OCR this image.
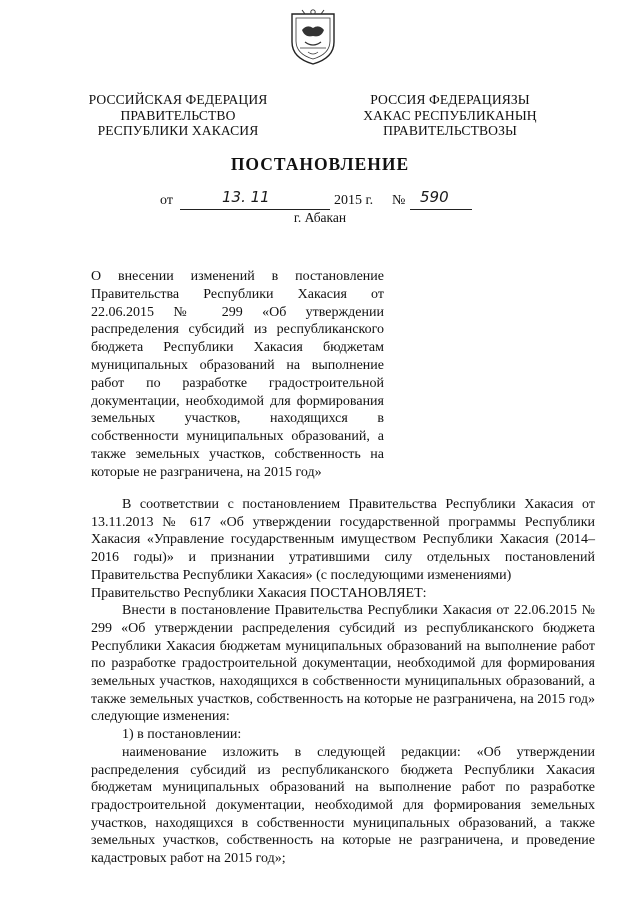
РОССИЙСКАЯ ФЕДЕРАЦИЯ
ПРАВИТЕЛЬСТВО
РЕСПУБЛИКИ ХАКАСИЯ
РОССИЯ ФЕДЕРАЦИЯЗЫ
ХАКАС РЕСПУБЛИКАНЫҢ
ПРАВИТЕЛЬСТВОЗЫ
ПОСТАНОВЛЕНИЕ
от	13. 11	2015 г. № 590
г. Абакан
О внесении изменений в постановление Правительства Республики Хакасия от 22.06.2015 № 299 «Об утверждении распределения субсидий из республиканского бюджета Республики Хакасия бюджетам муниципальных образований на выполнение работ по разработке градостроительной документации, необходимой для формирования земельных участков, находящихся в собственности муниципальных образований, а также земельных участков, собственность на которые не разграничена, на 2015 год»

В соответствии с постановлением Правительства Республики Хакасия от 13.11.2013 № 617 «Об утверждении государственной программы Республики Хакасия «Управление государственным имуществом Республики Хакасия (2014–2016 годы)» и признании утратившими силу отдельных постановлений Правительства Республики Хакасия» (с последующими изменениями)

Правительство Республики Хакасия ПОСТАНОВЛЯЕТ:

Внести в постановление Правительства Республики Хакасия от 22.06.2015 № 299 «Об утверждении распределения субсидий из республиканского бюджета Республики Хакасия бюджетам муниципальных образований на выполнение работ по разработке градостроительной документации, необходимой для формирования земельных участков, находящихся в собственности муниципальных образований, а также земельных участков, собственность на которые не разграничена, на 2015 год» следующие изменения:

1) в постановлении:

наименование изложить в следующей редакции: «Об утверждении распределения субсидий из республиканского бюджета Республики Хакасия бюджетам муниципальных образований на выполнение работ по разработке градостроительной документации, необходимой для формирования земельных участков, находящихся в собственности муниципальных образований, а также земельных участков, собственность на которые не разграничена, и проведение кадастровых работ на 2015 год»;
